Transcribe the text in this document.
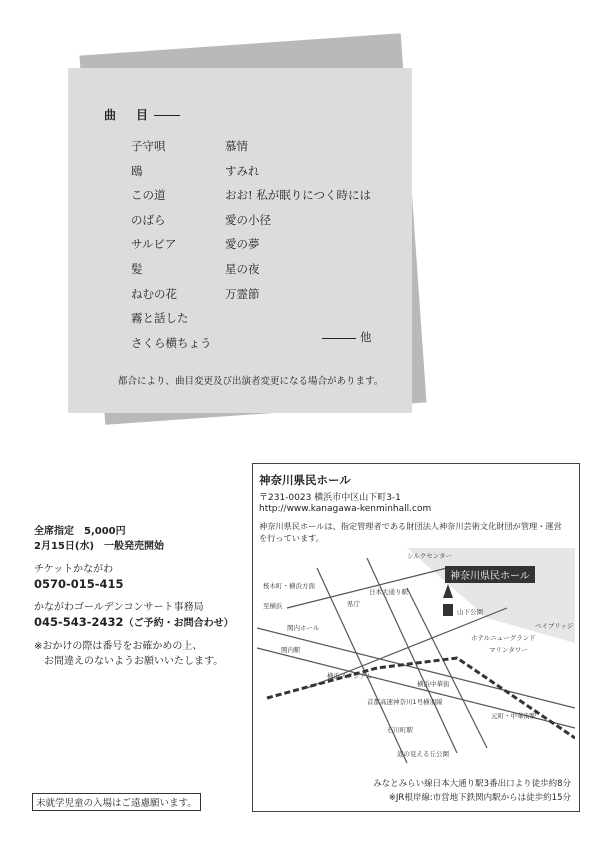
曲　目
子守唄
鴎
この道
のばら
サルビア
髪
ねむの花
霧と話した
さくら横ちょう
慕情
すみれ
おお! 私が眠りにつく時には
愛の小径
愛の夢
星の夜
万霊節
他
都合により、曲目変更及び出演者変更になる場合があります。
全席指定　5,000円
2月15日(水)　一般発売開始
チケットかながわ
0570-015-415
かながわゴールデンコンサート事務局
045-543-2432（ご予約・お問合わせ）
※おかけの際は番号をお確かめの上、
お間違えのないようお願いいたします。
未就学児童の入場はご遠慮願います。
神奈川県民ホール
〒231-0023 横浜市中区山下町3-1
http://www.kanagawa-kenminhall.com
神奈川県民ホールは、指定管理者である財団法人神奈川芸術文化財団が管理・運営を行っています。
神奈川県民ホール
山下公園
ホテルニューグランド
マリンタワー
ベイブリッジ
元町・中華街駅
石川町駅
関内駅
日本大通り駅
横浜スタジアム
横浜中華街
港の見える丘公園
桜木町・横浜方面
至横浜
首都高速神奈川1号横羽線
シルクセンター
県庁
関内ホール
みなとみらい線日本大通り駅3番出口より徒歩約8分
※JR根岸線:市営地下鉄関内駅からは徒歩約15分
